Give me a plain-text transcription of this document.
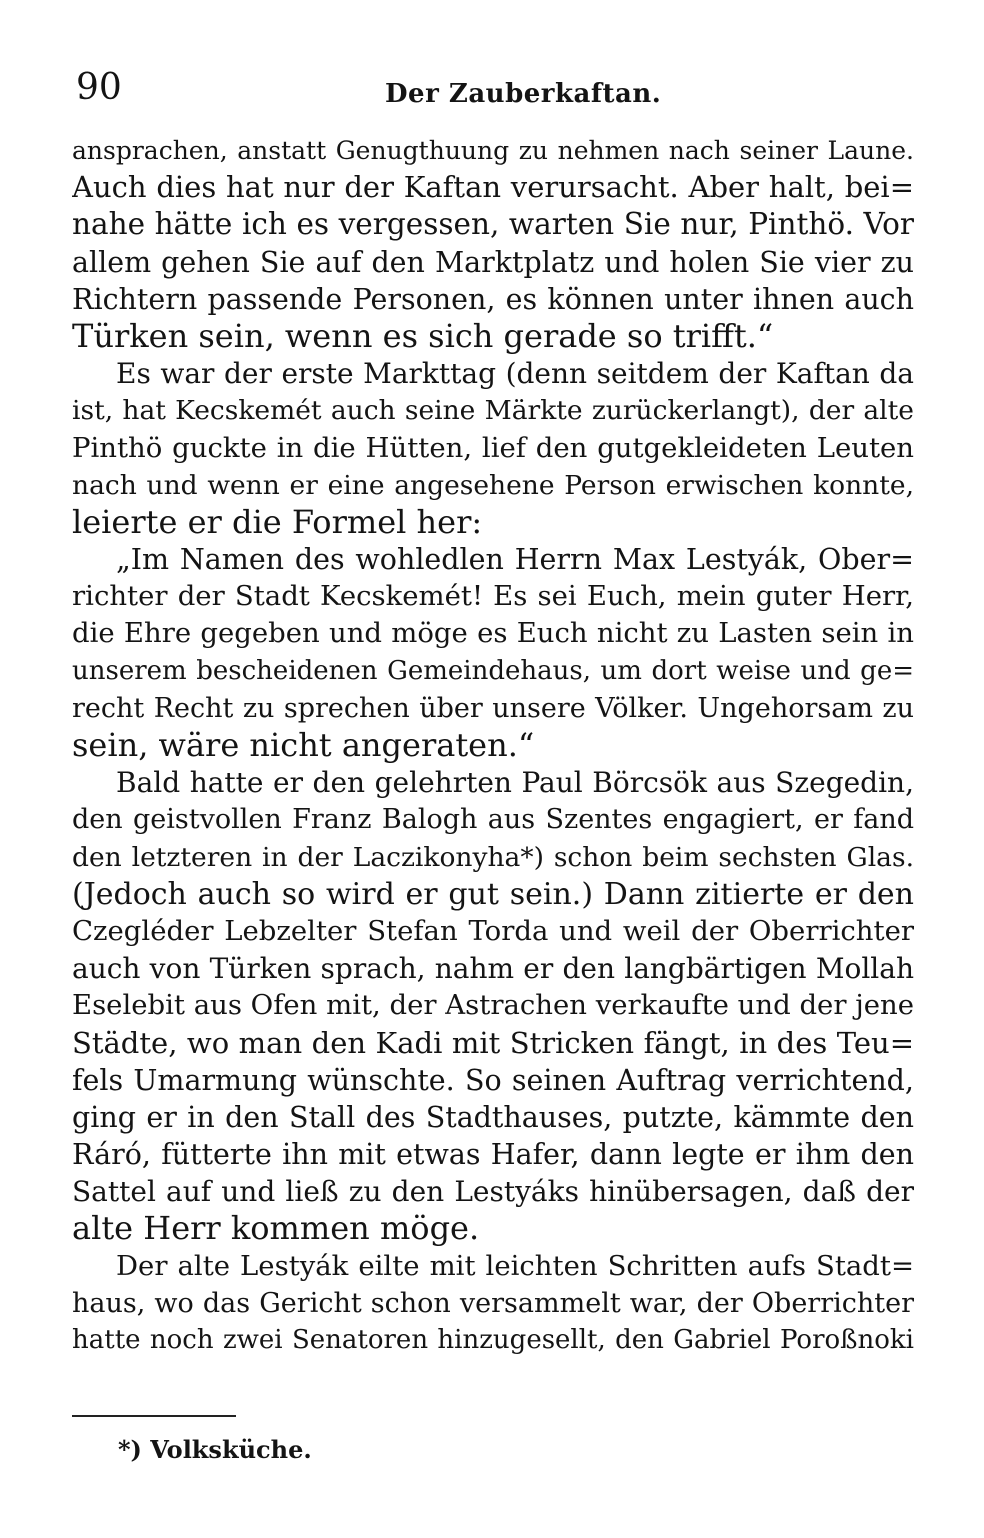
90	Der Zauberkaftan.
ansprachen, anstatt Genugthuung zu nehmen nach seiner Laune.
Auch dies hat nur der Kaftan verursacht. Aber halt, bei=
nahe hätte ich es vergessen, warten Sie nur, Pinthö. Vor
allem gehen Sie auf den Marktplatz und holen Sie vier zu
Richtern passende Personen, es können unter ihnen auch
Türken sein, wenn es sich gerade so trifft.“
Es war der erste Markttag (denn seitdem der Kaftan da
ist, hat Kecskemét auch seine Märkte zurückerlangt), der alte
Pinthö guckte in die Hütten, lief den gutgekleideten Leuten
nach und wenn er eine angesehene Person erwischen konnte,
leierte er die Formel her:
„Im Namen des wohledlen Herrn Max Lestyák, Ober=
richter der Stadt Kecskemét! Es sei Euch, mein guter Herr,
die Ehre gegeben und möge es Euch nicht zu Lasten sein in
unserem bescheidenen Gemeindehaus, um dort weise und ge=
recht Recht zu sprechen über unsere Völker. Ungehorsam zu
sein, wäre nicht angeraten.“
Bald hatte er den gelehrten Paul Börcsök aus Szegedin,
den geistvollen Franz Balogh aus Szentes engagiert, er fand
den letzteren in der Laczikonyha*) schon beim sechsten Glas.
(Jedoch auch so wird er gut sein.) Dann zitierte er den
Czegléder Lebzelter Stefan Torda und weil der Oberrichter
auch von Türken sprach, nahm er den langbärtigen Mollah
Eselebit aus Ofen mit, der Astrachen verkaufte und der jene
Städte, wo man den Kadi mit Stricken fängt, in des Teu=
fels Umarmung wünschte. So seinen Auftrag verrichtend,
ging er in den Stall des Stadthauses, putzte, kämmte den
Ráró, fütterte ihn mit etwas Hafer, dann legte er ihm den
Sattel auf und ließ zu den Lestyáks hinübersagen, daß der
alte Herr kommen möge.
Der alte Lestyák eilte mit leichten Schritten aufs Stadt=
haus, wo das Gericht schon versammelt war, der Oberrichter
hatte noch zwei Senatoren hinzugesellt, den Gabriel Poroßnoki
*) Volksküche.
